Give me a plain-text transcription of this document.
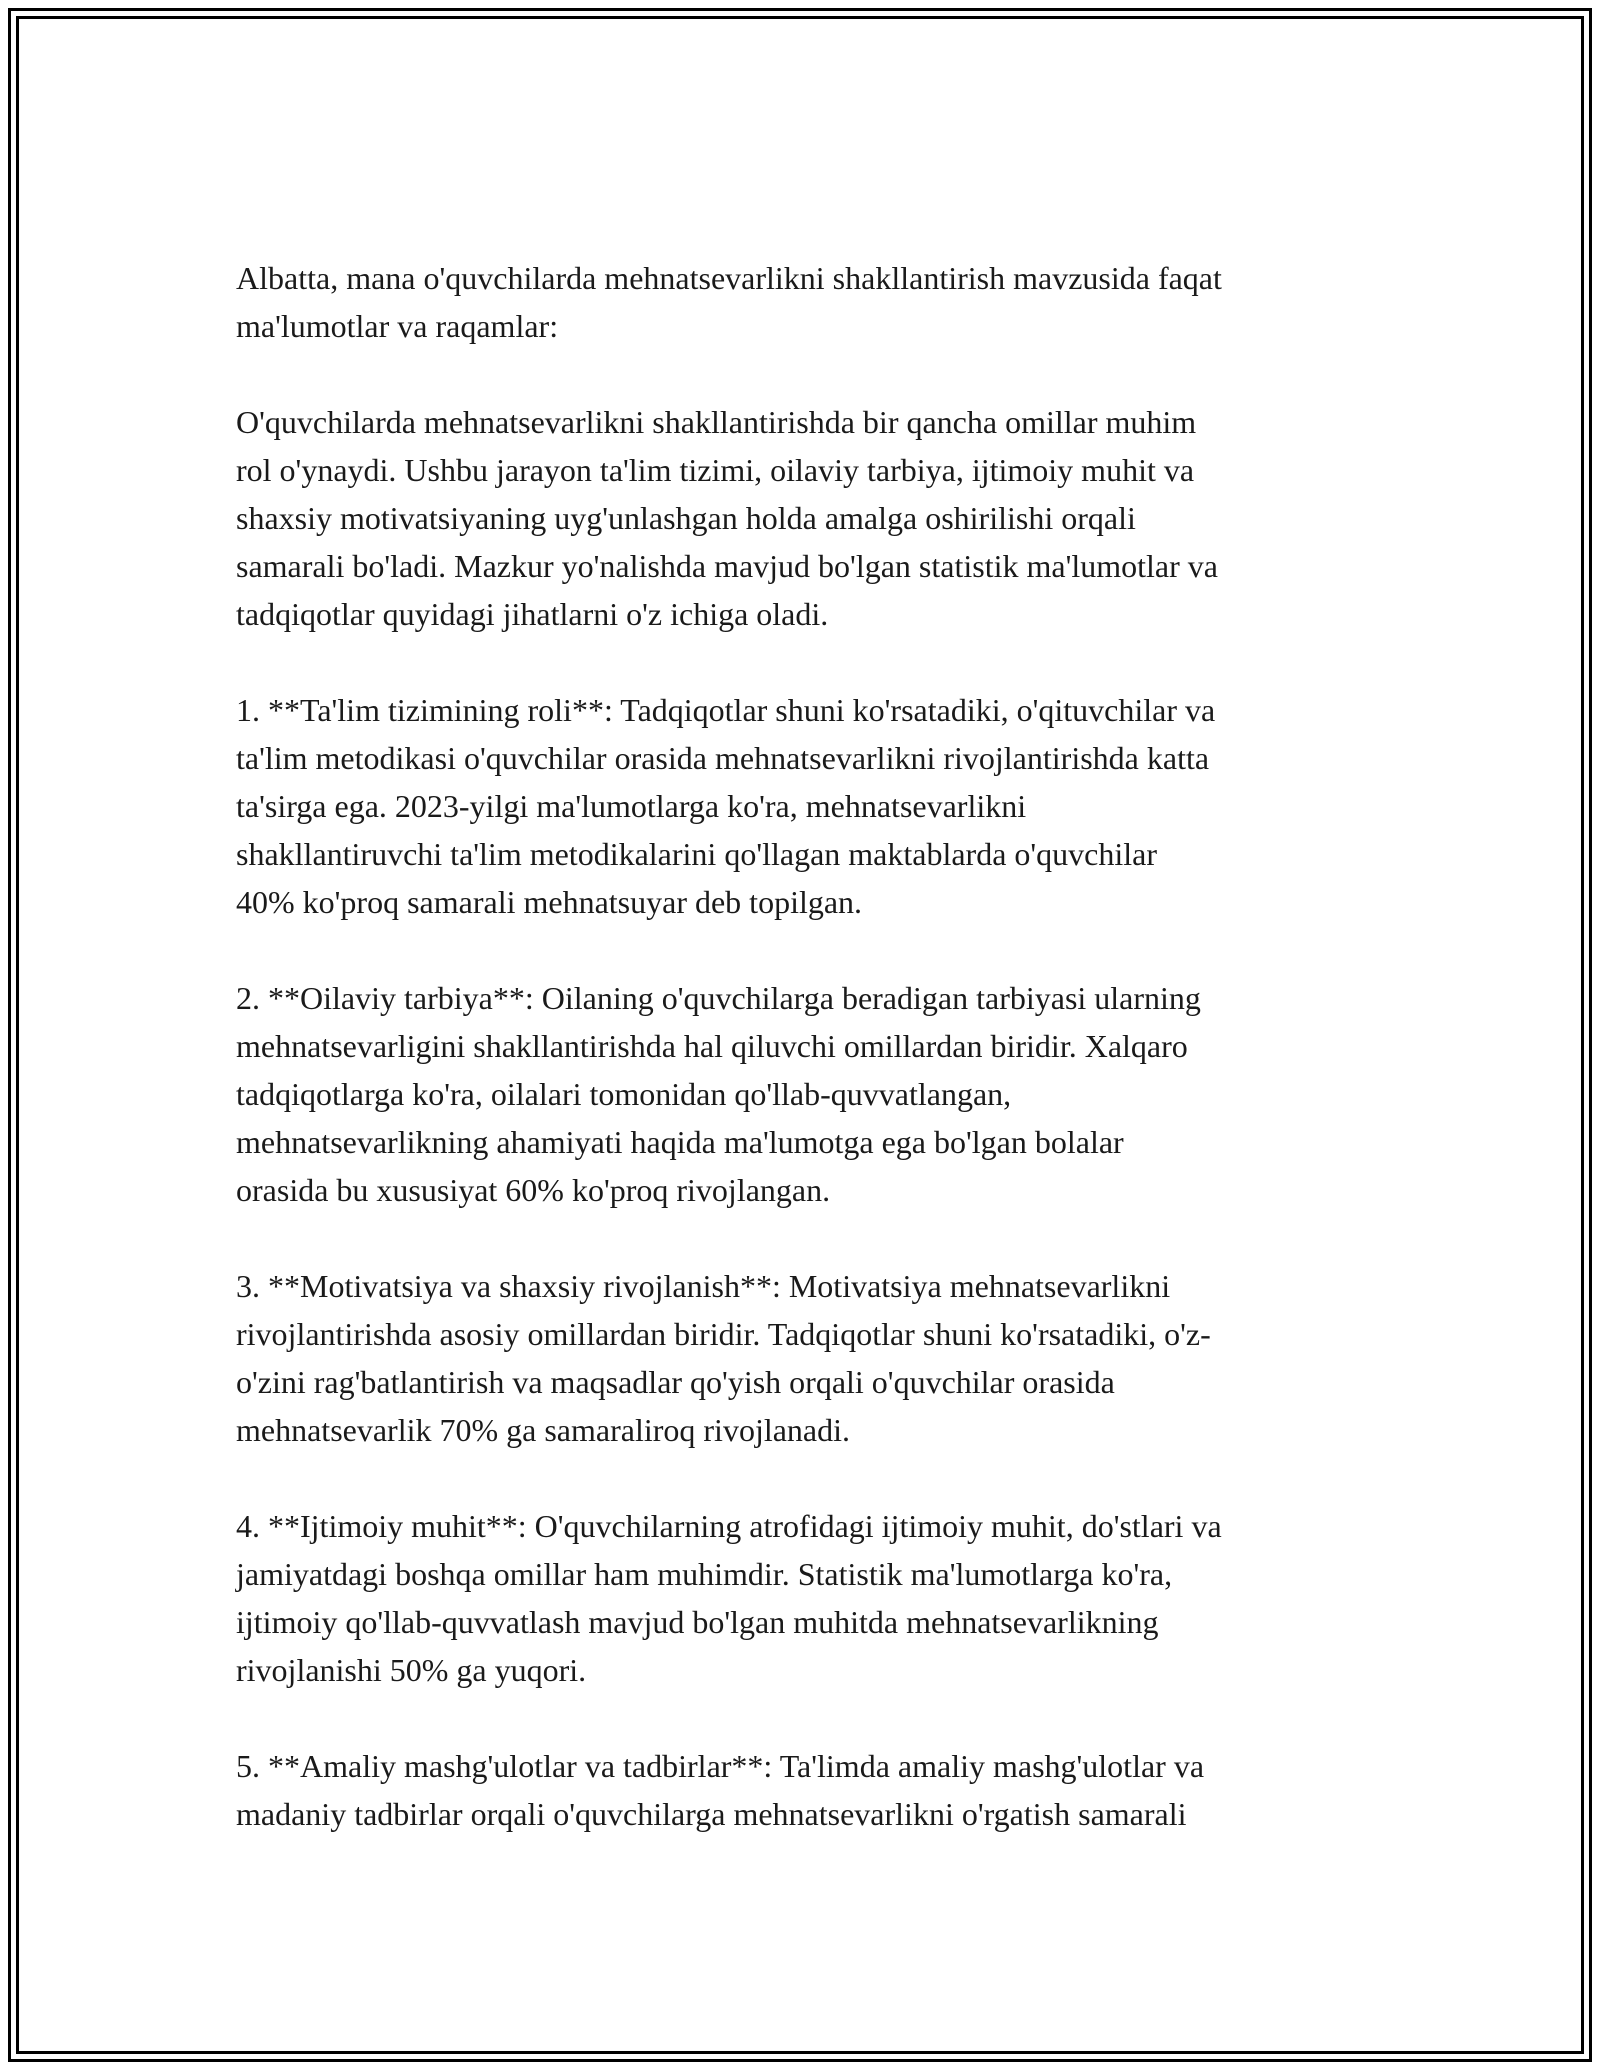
Albatta, mana o'quvchilarda mehnatsevarlikni shakllantirish mavzusida faqat
ma'lumotlar va raqamlar:

O'quvchilarda mehnatsevarlikni shakllantirishda bir qancha omillar muhim
rol o'ynaydi. Ushbu jarayon ta'lim tizimi, oilaviy tarbiya, ijtimoiy muhit va
shaxsiy motivatsiyaning uyg'unlashgan holda amalga oshirilishi orqali
samarali bo'ladi. Mazkur yo'nalishda mavjud bo'lgan statistik ma'lumotlar va
tadqiqotlar quyidagi jihatlarni o'z ichiga oladi.

1. **Ta'lim tizimining roli**: Tadqiqotlar shuni ko'rsatadiki, o'qituvchilar va
ta'lim metodikasi o'quvchilar orasida mehnatsevarlikni rivojlantirishda katta
ta'sirga ega. 2023-yilgi ma'lumotlarga ko'ra, mehnatsevarlikni
shakllantiruvchi ta'lim metodikalarini qo'llagan maktablarda o'quvchilar
40% ko'proq samarali mehnatsuyar deb topilgan.

2. **Oilaviy tarbiya**: Oilaning o'quvchilarga beradigan tarbiyasi ularning
mehnatsevarligini shakllantirishda hal qiluvchi omillardan biridir. Xalqaro
tadqiqotlarga ko'ra, oilalari tomonidan qo'llab-quvvatlangan,
mehnatsevarlikning ahamiyati haqida ma'lumotga ega bo'lgan bolalar
orasida bu xususiyat 60% ko'proq rivojlangan.

3. **Motivatsiya va shaxsiy rivojlanish**: Motivatsiya mehnatsevarlikni
rivojlantirishda asosiy omillardan biridir. Tadqiqotlar shuni ko'rsatadiki, o'z-
o'zini rag'batlantirish va maqsadlar qo'yish orqali o'quvchilar orasida
mehnatsevarlik 70% ga samaraliroq rivojlanadi.

4. **Ijtimoiy muhit**: O'quvchilarning atrofidagi ijtimoiy muhit, do'stlari va
jamiyatdagi boshqa omillar ham muhimdir. Statistik ma'lumotlarga ko'ra,
ijtimoiy qo'llab-quvvatlash mavjud bo'lgan muhitda mehnatsevarlikning
rivojlanishi 50% ga yuqori.

5. **Amaliy mashg'ulotlar va tadbirlar**: Ta'limda amaliy mashg'ulotlar va
madaniy tadbirlar orqali o'quvchilarga mehnatsevarlikni o'rgatish samarali
